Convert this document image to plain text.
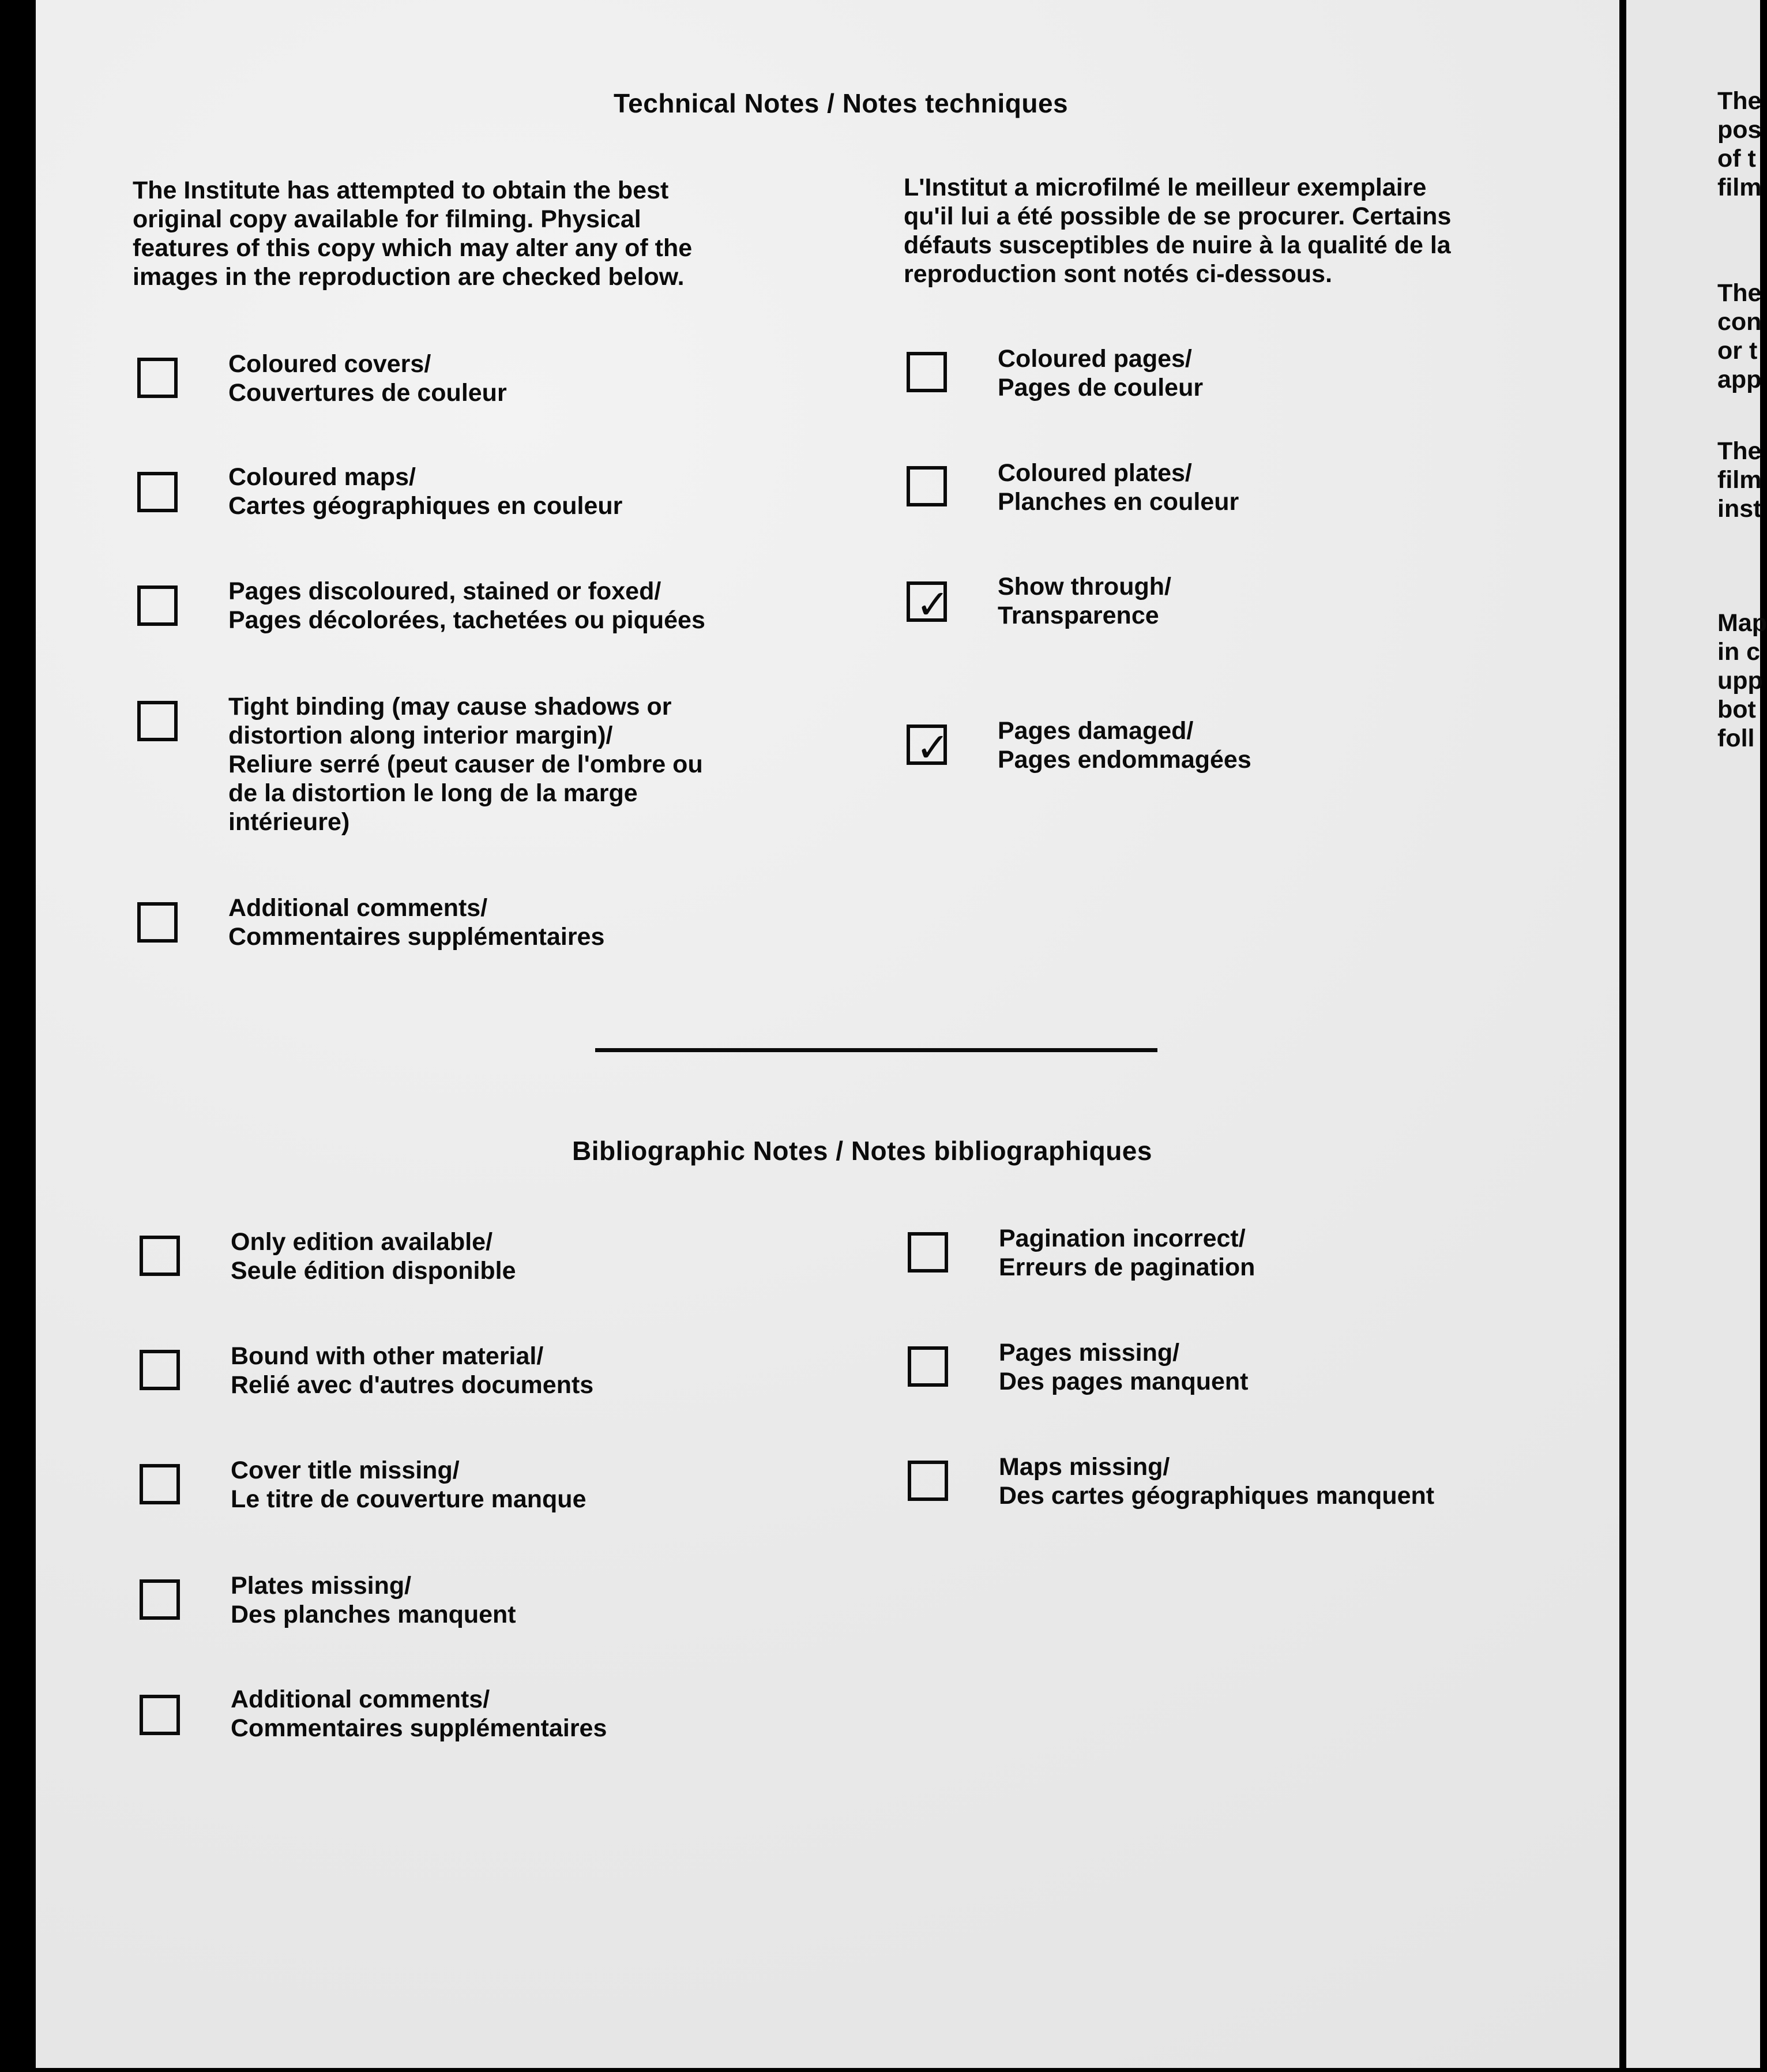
Technical Notes / Notes techniques
The Institute has attempted to obtain the best
original copy available for filming. Physical
features of this copy which may alter any of the
images in the reproduction are checked below.
L'Institut a microfilmé le meilleur exemplaire
qu'il lui a été possible de se procurer. Certains
défauts susceptibles de nuire à la qualité de la
reproduction sont notés ci-dessous.
Coloured covers/
Couvertures de couleur
Coloured maps/
Cartes géographiques en couleur
Pages discoloured, stained or foxed/
Pages décolorées, tachetées ou piquées
Tight binding (may cause shadows or
distortion along interior margin)/
Reliure serré (peut causer de l'ombre ou
de la distortion le long de la marge
intérieure)
Additional comments/
Commentaires supplémentaires
Coloured pages/
Pages de couleur
Coloured plates/
Planches en couleur
✓ Show through/
Transparence
✓ Pages damaged/
Pages endommagées
Bibliographic Notes / Notes bibliographiques
Only edition available/
Seule édition disponible
Bound with other material/
Relié avec d'autres documents
Cover title missing/
Le titre de couverture manque
Plates missing/
Des planches manquent
Additional comments/
Commentaires supplémentaires
Pagination incorrect/
Erreurs de pagination
Pages missing/
Des pages manquent
Maps missing/
Des cartes géographiques manquent
The
pos
of t
film
The
con
or t
app
The
film
inst
Map
in c
upp
bot
foll
